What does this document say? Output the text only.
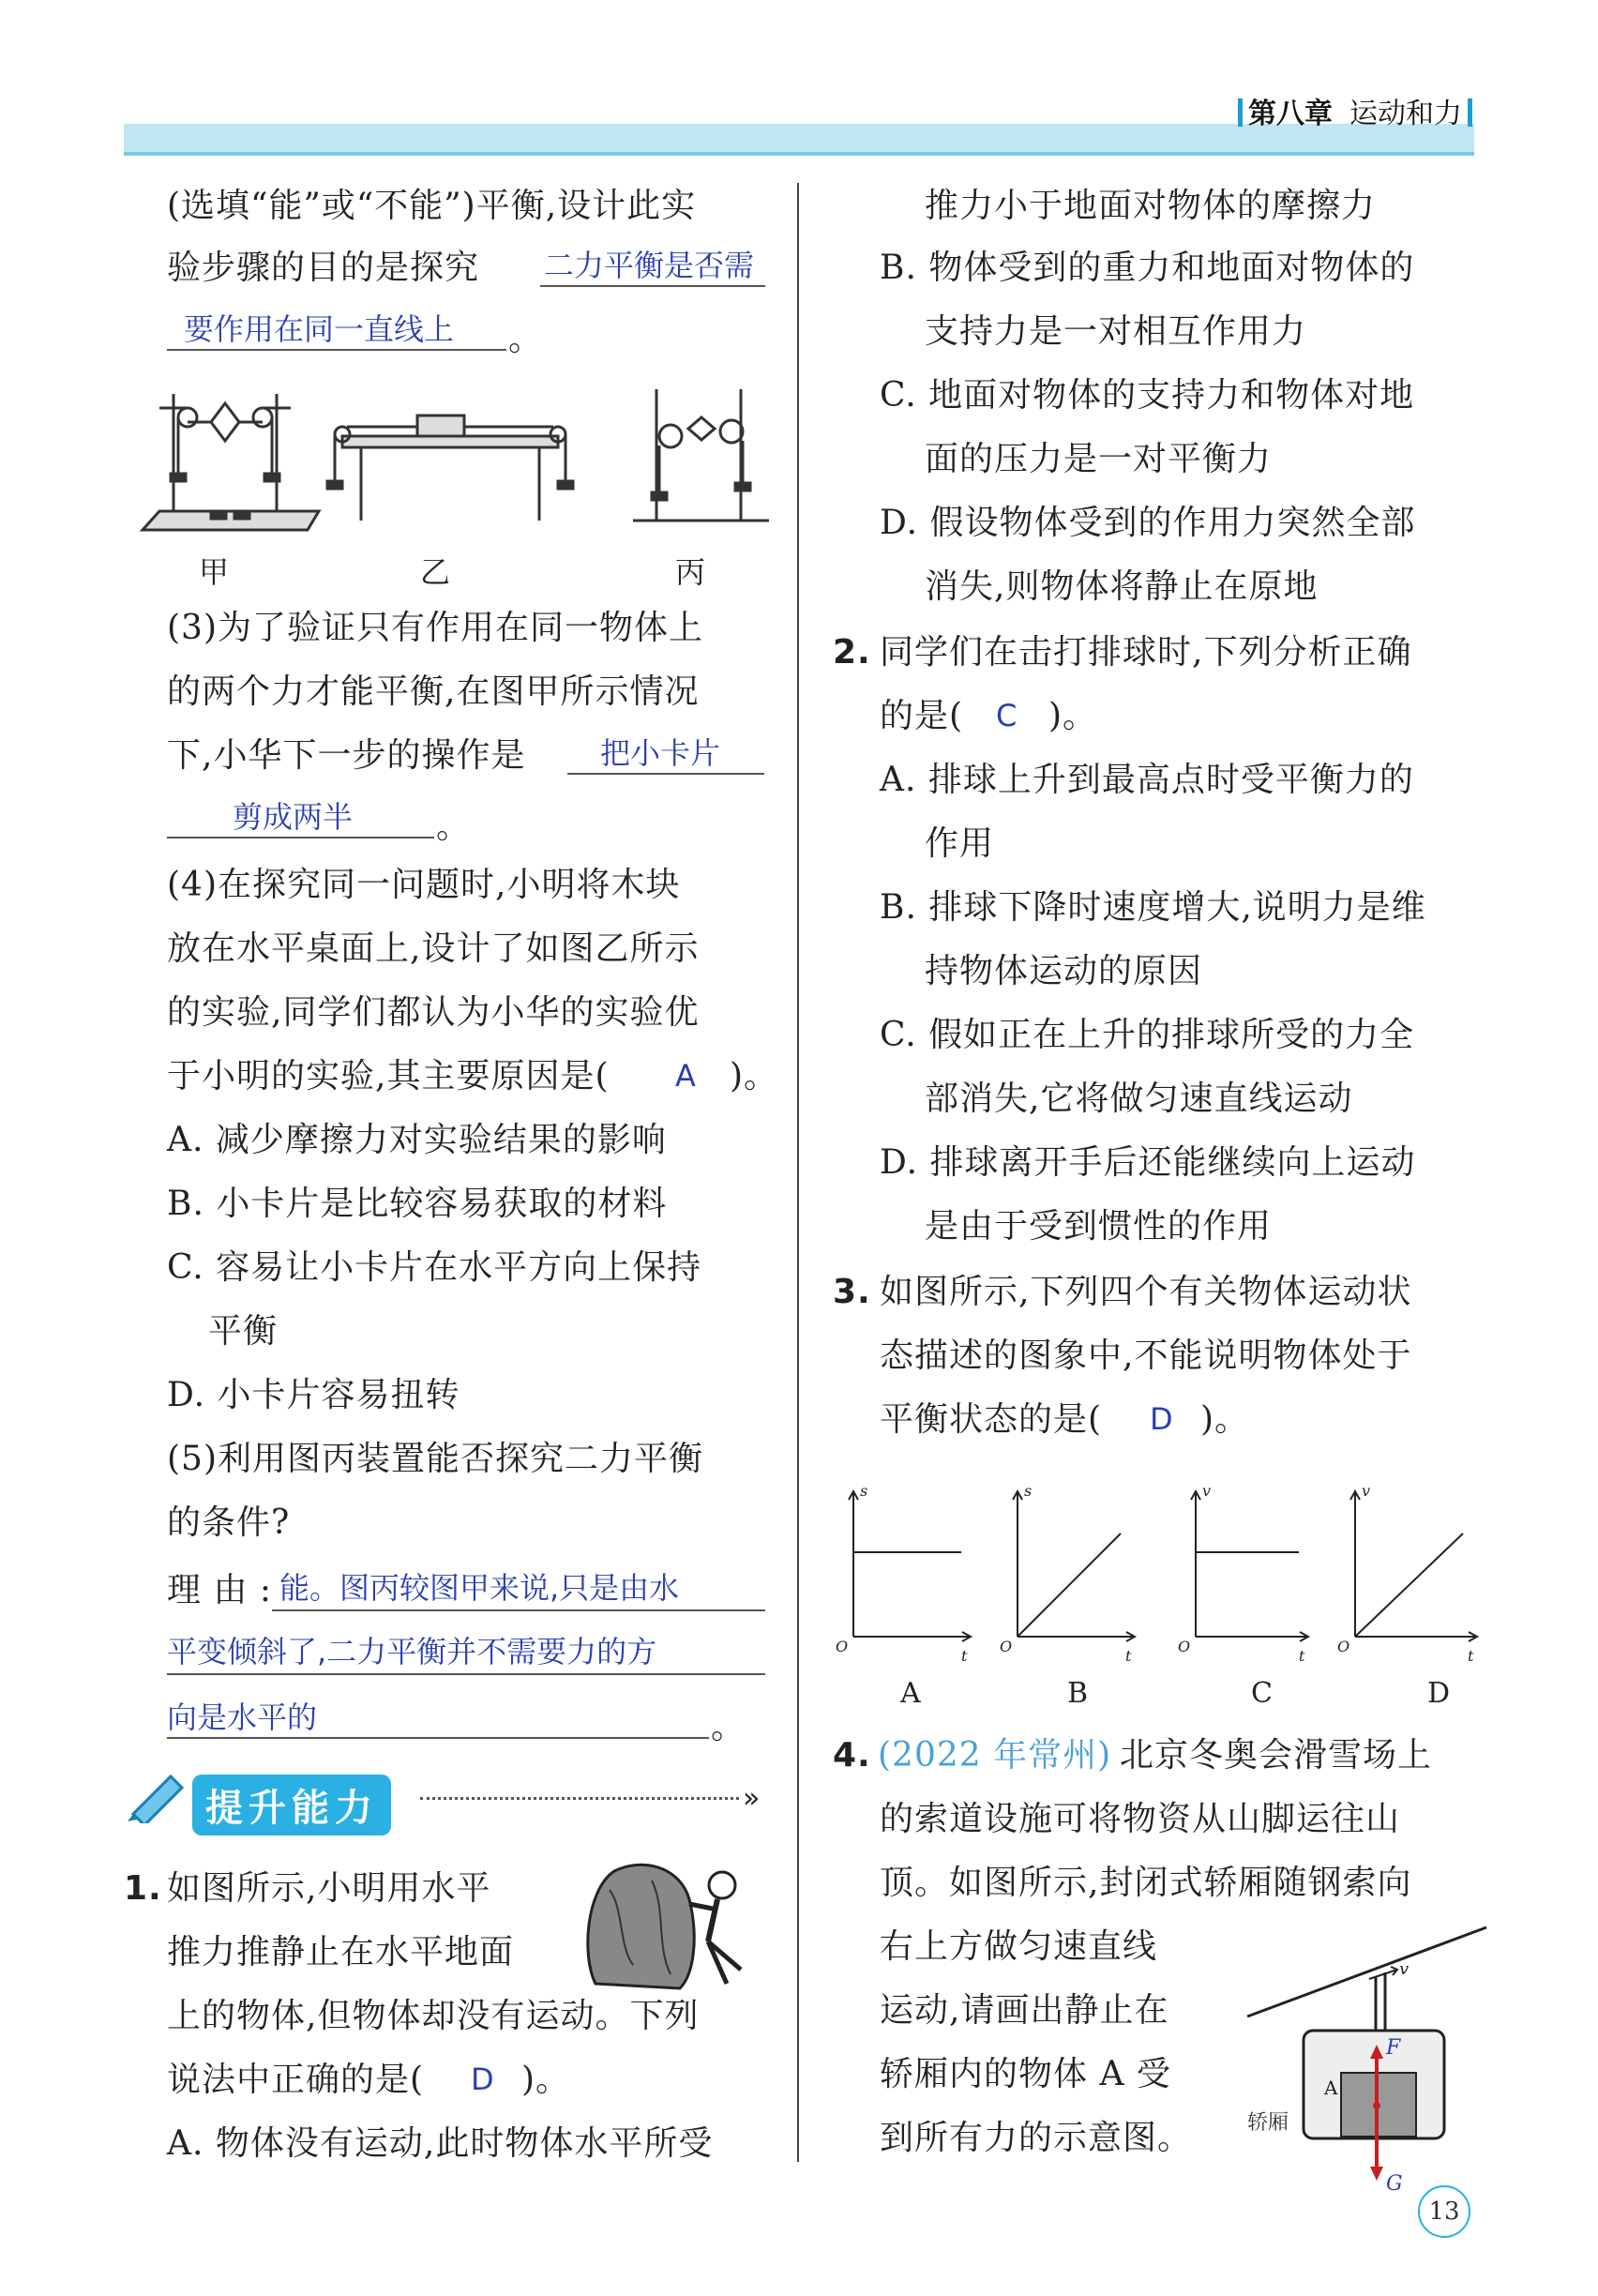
第八章 运动和力
(选填“能”或“不能”)平衡,设计此实
验步骤的目的是探究 二力平衡是否需
要作用在同一直线上 。
甲	乙	丙
(3)为了验证只有作用在同一物体上
的两个力才能平衡,在图甲所示情况
下,小华下一步的操作是 把小卡片
剪成两半 。
(4)在探究同一问题时,小明将木块
放在水平桌面上,设计了如图乙所示
的实验,同学们都认为小华的实验优
于小明的实验,其主要原因是( A )。
A. 减少摩擦力对实验结果的影响
B. 小卡片是比较容易获取的材料
C. 容易让小卡片在水平方向上保持
平衡
D. 小卡片容易扭转
(5)利用图丙装置能否探究二力平衡
的条件?
理 由 : 能。图丙较图甲来说,只是由水
平变倾斜了,二力平衡并不需要力的方
向是水平的	。
提升能力	»
1. 如图所示,小明用水平
推力推静止在水平地面
上的物体,但物体却没有运动。下列
说法中正确的是( D )。
A. 物体没有运动,此时物体水平所受
推力小于地面对物体的摩擦力
B. 物体受到的重力和地面对物体的
支持力是一对相互作用力
C. 地面对物体的支持力和物体对地
面的压力是一对平衡力
D. 假设物体受到的作用力突然全部
消失,则物体将静止在原地
2. 同学们在击打排球时,下列分析正确
的是( C )。
A. 排球上升到最高点时受平衡力的
作用
B. 排球下降时速度增大,说明力是维
持物体运动的原因
C. 假如正在上升的排球所受的力全
部消失,它将做匀速直线运动
D. 排球离开手后还能继续向上运动
是由于受到惯性的作用
3. 如图所示,下列四个有关物体运动状
态描述的图象中,不能说明物体处于
平衡状态的是( D )。
s
O
t
s
O
t
v
O
t
v
O
t
A	B	C	D
4. (2022 年常州) 北京冬奥会滑雪场上
的索道设施可将物资从山脚运往山
顶。如图所示,封闭式轿厢随钢索向
右上方做匀速直线
运动,请画出静止在
轿厢内的物体 A 受
到所有力的示意图。
v
A
F
G
轿厢
13
